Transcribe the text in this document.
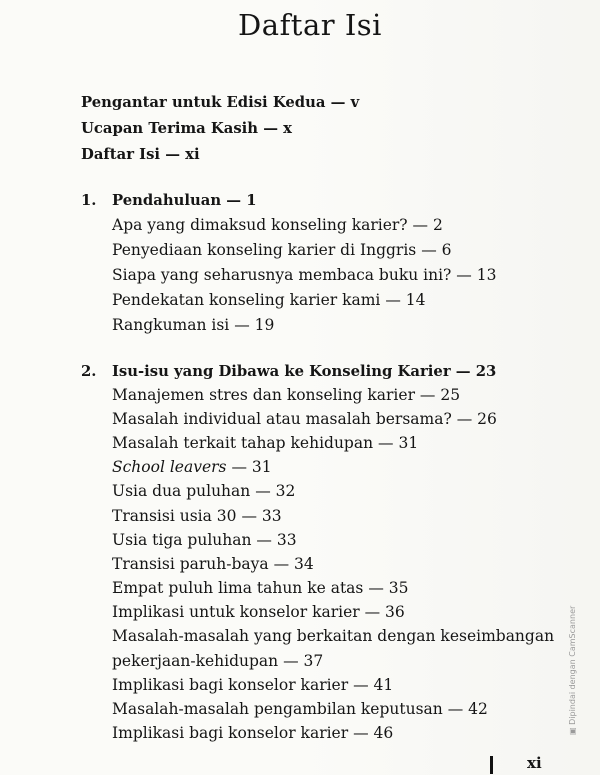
Daftar Isi
Pengantar untuk Edisi Kedua — v
Ucapan Terima Kasih — x
Daftar Isi — xi
1. Pendahuluan — 1
Apa yang dimaksud konseling karier? — 2
Penyediaan konseling karier di Inggris — 6
Siapa yang seharusnya membaca buku ini? — 13
Pendekatan konseling karier kami — 14
Rangkuman isi — 19
2. Isu-isu yang Dibawa ke Konseling Karier — 23
Manajemen stres dan konseling karier — 25
Masalah individual atau masalah bersama? — 26
Masalah terkait tahap kehidupan — 31
School leavers — 31
Usia dua puluhan — 32
Transisi usia 30 — 33
Usia tiga puluhan — 33
Transisi paruh-baya — 34
Empat puluh lima tahun ke atas — 35
Implikasi untuk konselor karier — 36
Masalah-masalah yang berkaitan dengan keseimbangan
pekerjaan-kehidupan — 37
Implikasi bagi konselor karier — 41
Masalah-masalah pengambilan keputusan — 42
Implikasi bagi konselor karier — 46
xi
▣ Dipindai dengan CamScanner
